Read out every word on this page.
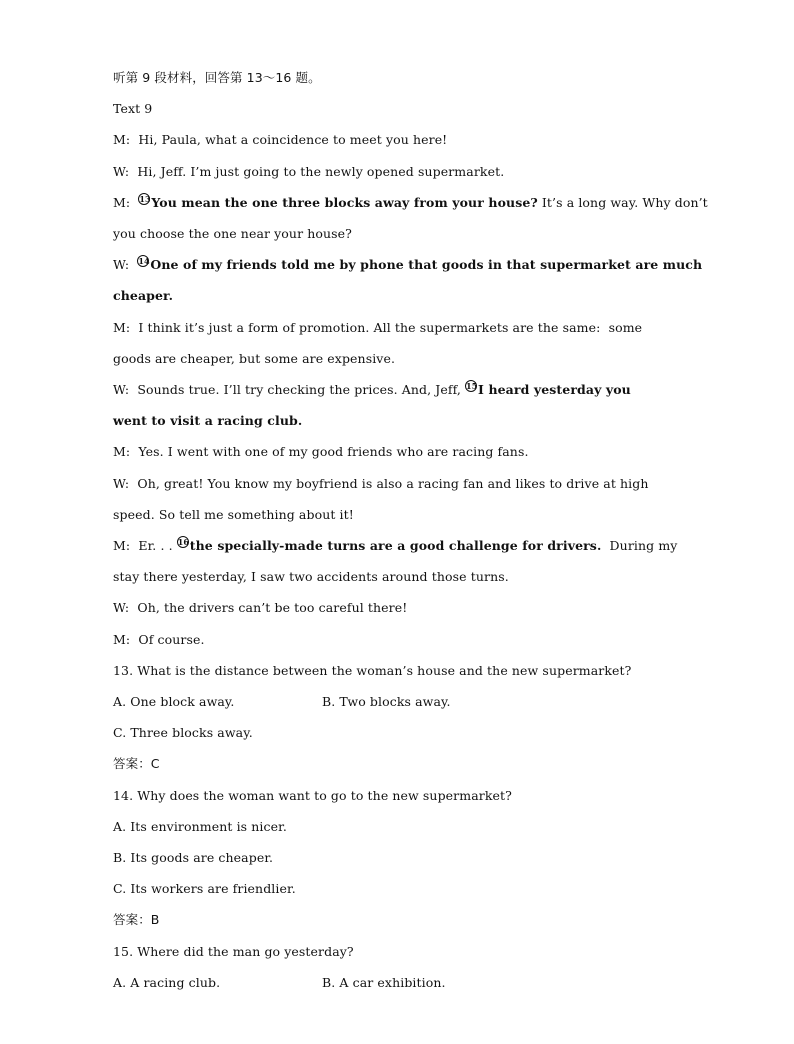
听第 9 段材料，回答第 13～16 题。
Text 9
M: Hi, Paula, what a coincidence to meet you here!
W: Hi, Jeff. I’m just going to the newly opened supermarket.
M: 13You mean the one three blocks away from your house? It’s a long way. Why don’t
you choose the one near your house?
W: 14One of my friends told me by phone that goods in that supermarket are much
cheaper.
M: I think it’s just a form of promotion. All the supermarkets are the same:  some
goods are cheaper, but some are expensive.
W: Sounds true. I’ll try checking the prices. And, Jeff, 15I heard yesterday you
went to visit a racing club.
M: Yes. I went with one of my good friends who are racing fans.
W: Oh, great! You know my boyfriend is also a racing fan and likes to drive at high
speed. So tell me something about it!
M: Er. . . 16the specially-made turns are a good challenge for drivers.  During my
stay there yesterday, I saw two accidents around those turns.
W: Oh, the drivers can’t be too careful there!
M: Of course.
13. What is the distance between the woman’s house and the new supermarket?
A. One block away.	B. Two blocks away.
C. Three blocks away.
答案：C
14. Why does the woman want to go to the new supermarket?
A. Its environment is nicer.
B. Its goods are cheaper.
C. Its workers are friendlier.
答案：B
15. Where did the man go yesterday?
A. A racing club.	B. A car exhibition.
